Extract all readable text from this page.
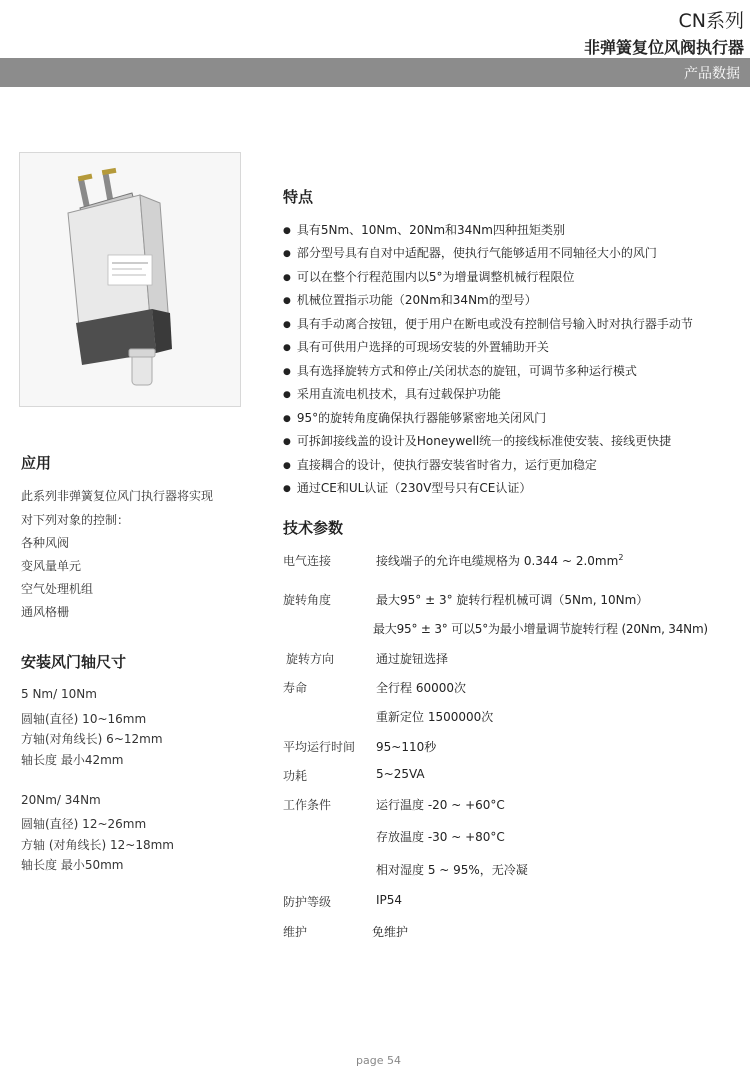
CN系列
非弹簧复位风阀执行器
产品数据
应用
此系列非弹簧复位风门执行器将实现
对下列对象的控制：
各种风阀
变风量单元
空气处理机组
通风格栅
安装风门轴尺寸
5 Nm/ 10Nm
圆轴(直径) 10~16mm
方轴(对角线长) 6~12mm
轴长度 最小42mm
20Nm/ 34Nm
圆轴(直径) 12~26mm
方轴 (对角线长) 12~18mm
轴长度 最小50mm
特点
● 具有5Nm、10Nm、20Nm和34Nm四种扭矩类别
● 部分型号具有自对中适配器，使执行气能够适用不同轴径大小的风门
● 可以在整个行程范围内以5°为增量调整机械行程限位
● 机械位置指示功能（20Nm和34Nm的型号）
● 具有手动离合按钮，便于用户在断电或没有控制信号输入时对执行器手动节
● 具有可供用户选择的可现场安装的外置辅助开关
● 具有选择旋转方式和停止/关闭状态的旋钮，可调节多种运行模式
● 采用直流电机技术，具有过载保护功能
● 95°的旋转角度确保执行器能够紧密地关闭风门
● 可拆卸接线盖的设计及Honeywell统一的接线标准使安装、接线更快捷
● 直接耦合的设计，使执行器安装省时省力，运行更加稳定
● 通过CE和UL认证（230V型号只有CE认证）
技术参数
电气连接	接线端子的允许电缆规格为 0.344 ~ $2.0mm^2$
旋转角度	最大95° ± 3° 旋转行程机械可调（5Nm, 10Nm）
最大95° ± 3° 可以5°为最小增量调节旋转行程 (20Nm, 34Nm)
旋转方向	通过旋钮选择
寿命	全行程 60000次
重新定位 1500000次
平均运行时间 95~110秒
功耗	5~25VA
工作条件	运行温度 -20 ~ +60°C
存放温度 -30 ~ +80°C
相对湿度 5 ~ 95%，无冷凝
防护等级	IP54
维护	免维护
page 54
